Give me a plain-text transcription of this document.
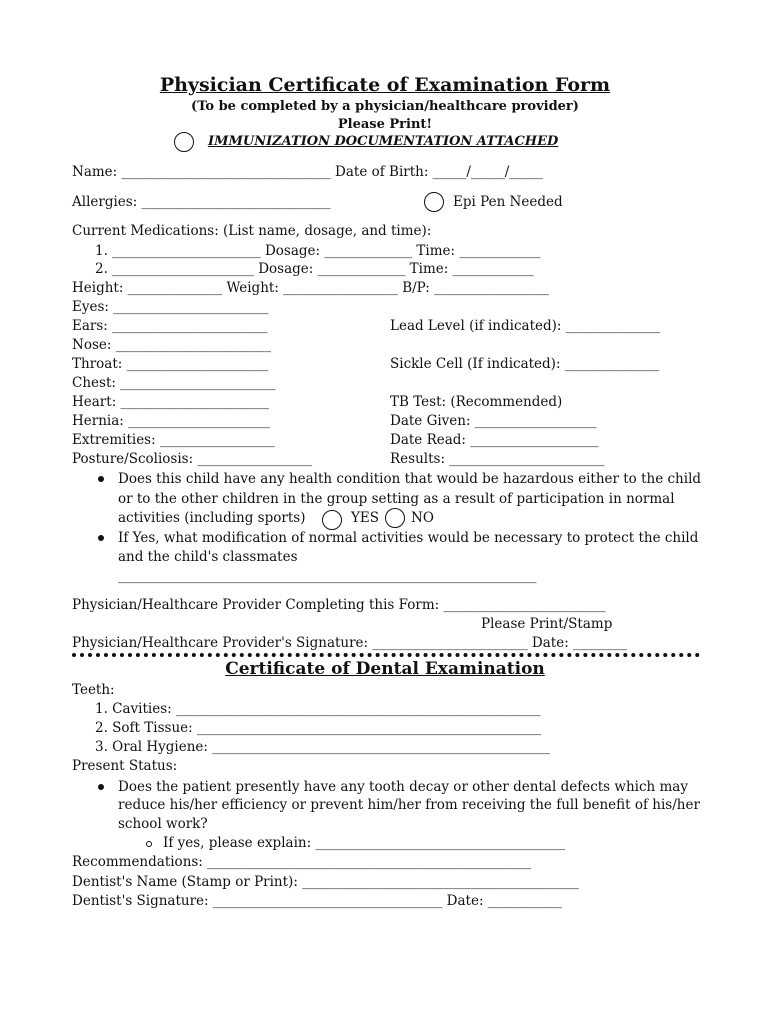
Physician Certificate of Examination Form
(To be completed by a physician/healthcare provider)
Please Print!
IMMUNIZATION DOCUMENTATION ATTACHED
Name: _______________________________ Date of Birth: _____/_____/_____
Allergies: ____________________________	Epi Pen Needed
Current Medications: (List name, dosage, and time):
1. ______________________ Dosage: _____________ Time: ____________
2. _____________________ Dosage: _____________ Time: ____________
Height: ______________ Weight: _________________ B/P: _________________
Eyes: _______________________
Ears: _______________________	Lead Level (if indicated): ______________
Nose: _______________________
Throat: _____________________	Sickle Cell (If indicated): ______________
Chest: _______________________
Heart: ______________________	TB Test: (Recommended)
Hernia: _____________________	Date Given: __________________
Extremities: _________________	Date Read: ___________________
Posture/Scoliosis: _________________	Results: _______________________
Does this child have any health condition that would be hazardous either to the child
or to the other children in the group setting as a result of participation in normal
activities (including sports)	YES NO
If Yes, what modification of normal activities would be necessary to protect the child
and the child's classmates
______________________________________________________________
Physician/Healthcare Provider Completing this Form: ________________________
Please Print/Stamp
Physician/Healthcare Provider's Signature: _______________________ Date: ________
Certificate of Dental Examination
Teeth:
1. Cavities: ______________________________________________________
2. Soft Tissue: ___________________________________________________
3. Oral Hygiene: __________________________________________________
Present Status:
Does the patient presently have any tooth decay or other dental defects which may
reduce his/her efficiency or prevent him/her from receiving the full benefit of his/her
school work?
If yes, please explain: _____________________________________
Recommendations: ________________________________________________
Dentist's Name (Stamp or Print): _________________________________________
Dentist's Signature: __________________________________ Date: ___________
